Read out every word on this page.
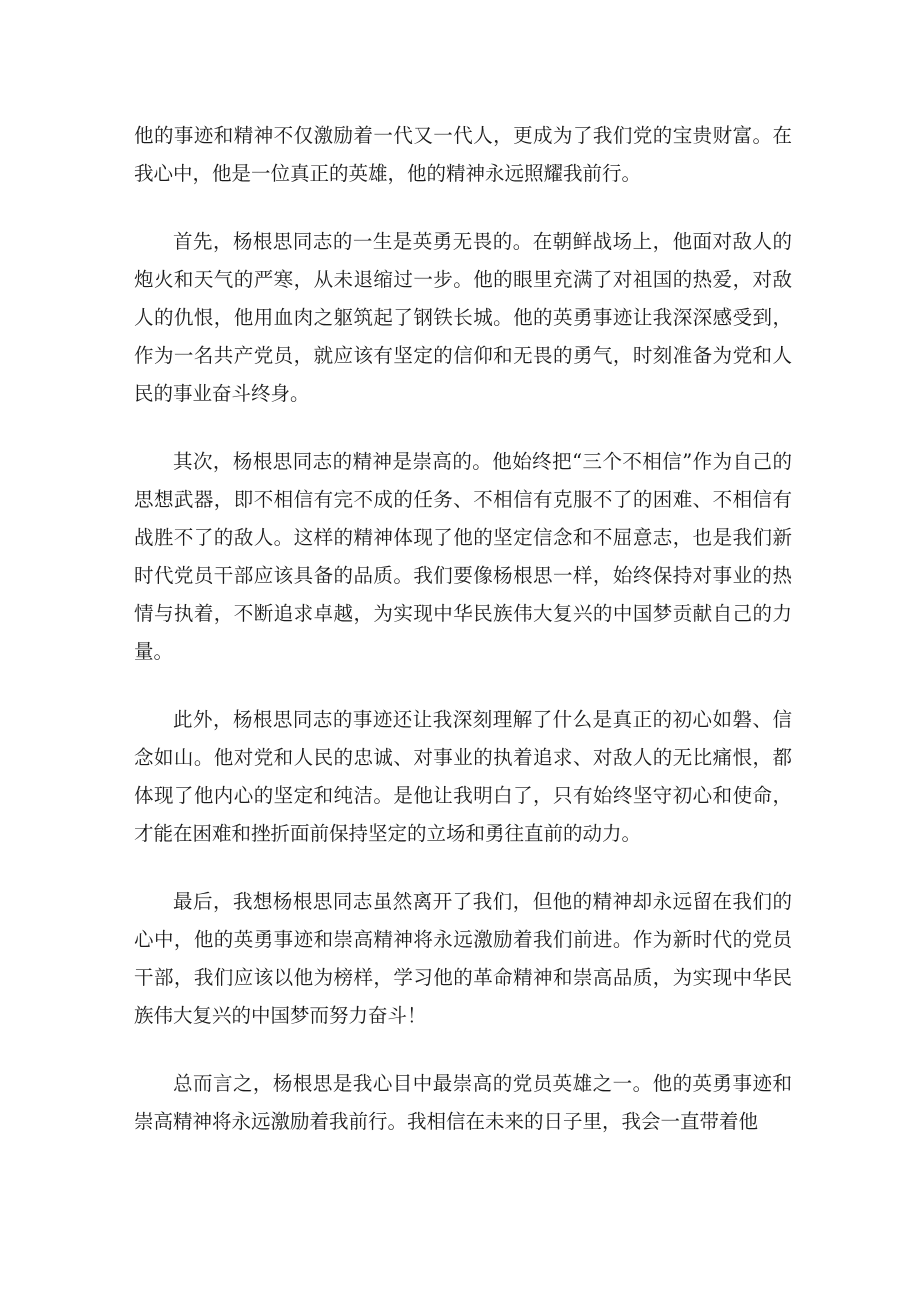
他的事迹和精神不仅激励着一代又一代人，更成为了我们党的宝贵财富。在我心中，他是一位真正的英雄，他的精神永远照耀我前行。

首先，杨根思同志的一生是英勇无畏的。在朝鲜战场上，他面对敌人的炮火和天气的严寒，从未退缩过一步。他的眼里充满了对祖国的热爱，对敌人的仇恨，他用血肉之躯筑起了钢铁长城。他的英勇事迹让我深深感受到，作为一名共产党员，就应该有坚定的信仰和无畏的勇气，时刻准备为党和人民的事业奋斗终身。

其次，杨根思同志的精神是崇高的。他始终把“三个不相信”作为自己的思想武器，即不相信有完不成的任务、不相信有克服不了的困难、不相信有战胜不了的敌人。这样的精神体现了他的坚定信念和不屈意志，也是我们新时代党员干部应该具备的品质。我们要像杨根思一样，始终保持对事业的热情与执着，不断追求卓越，为实现中华民族伟大复兴的中国梦贡献自己的力量。

此外，杨根思同志的事迹还让我深刻理解了什么是真正的初心如磐、信念如山。他对党和人民的忠诚、对事业的执着追求、对敌人的无比痛恨，都体现了他内心的坚定和纯洁。是他让我明白了，只有始终坚守初心和使命，才能在困难和挫折面前保持坚定的立场和勇往直前的动力。

最后，我想杨根思同志虽然离开了我们，但他的精神却永远留在我们的心中，他的英勇事迹和崇高精神将永远激励着我们前进。作为新时代的党员干部，我们应该以他为榜样，学习他的革命精神和崇高品质，为实现中华民族伟大复兴的中国梦而努力奋斗！

总而言之，杨根思是我心目中最崇高的党员英雄之一。他的英勇事迹和崇高精神将永远激励着我前行。我相信在未来的日子里，我会一直带着他
